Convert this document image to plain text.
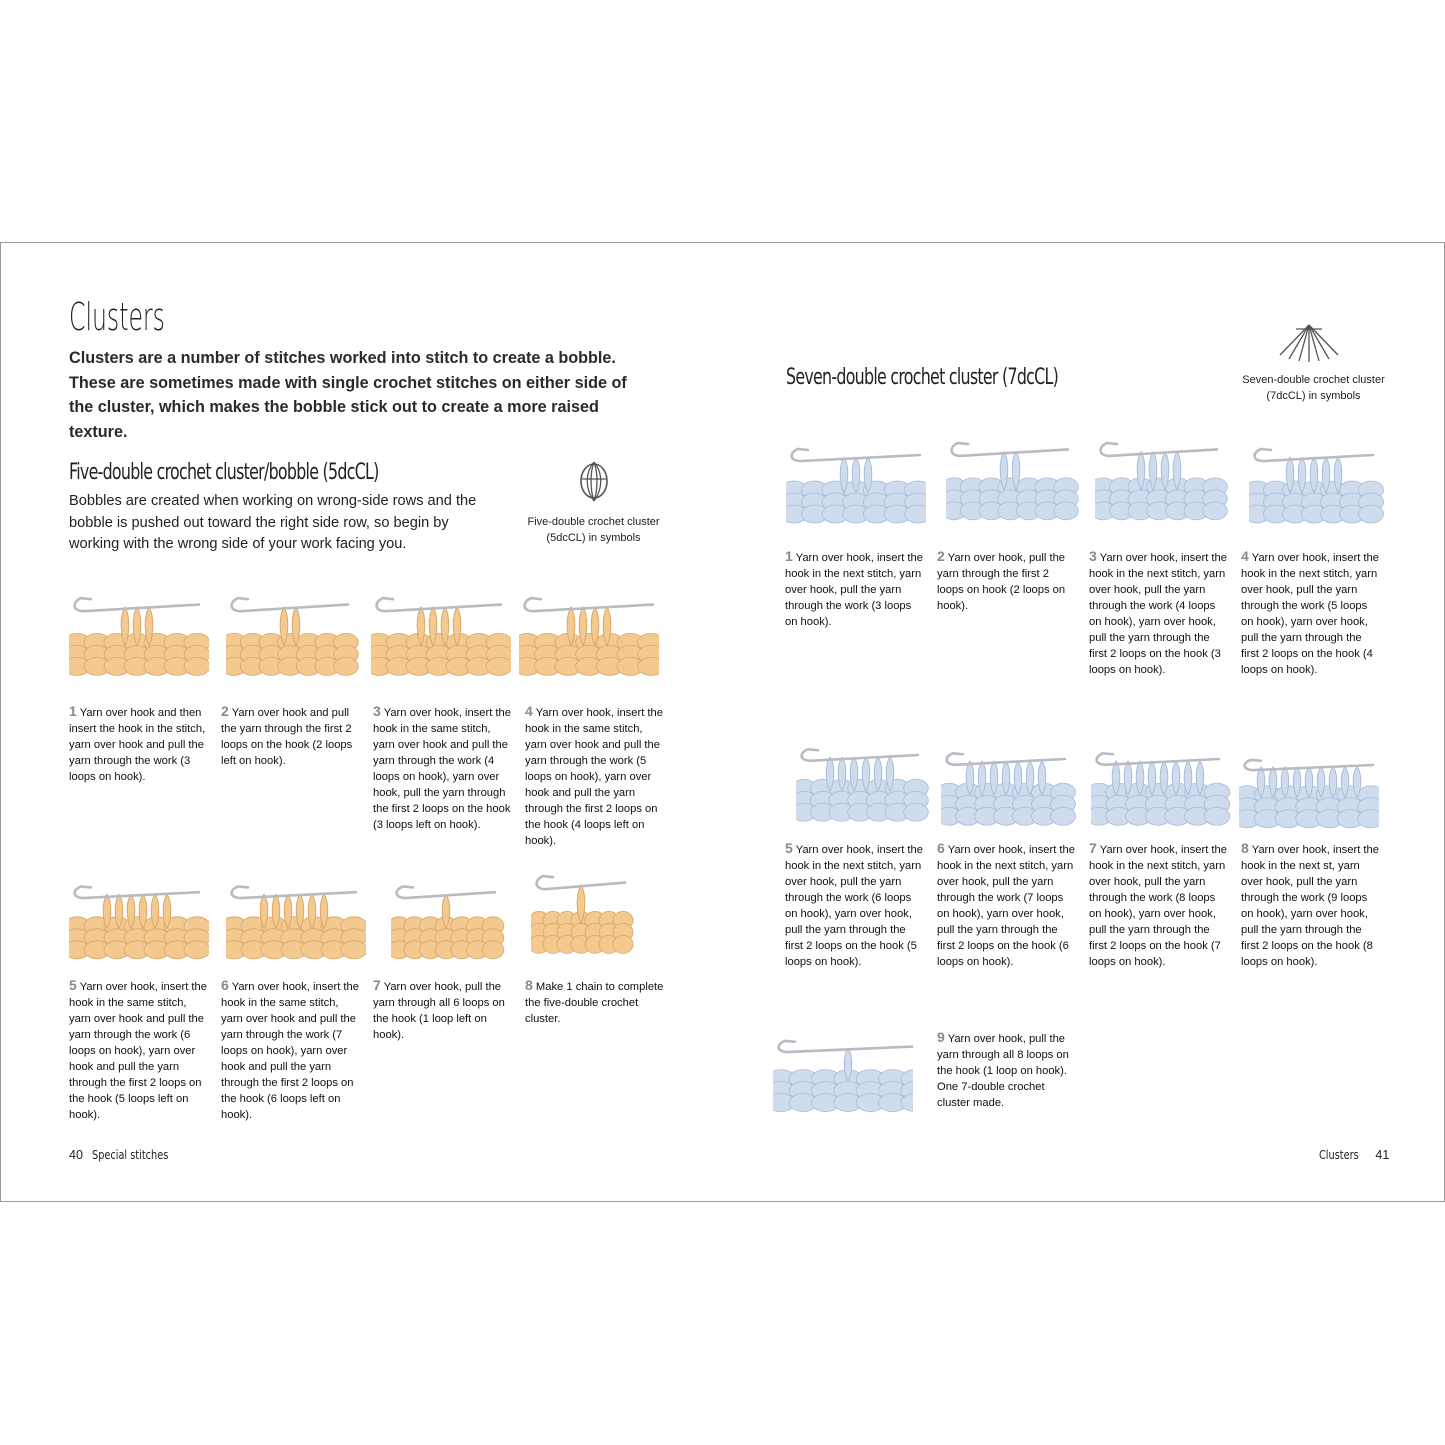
Clusters
Clusters are a number of stitches worked into stitch to create a bobble. These are sometimes made with single crochet stitches on either side of the cluster, which makes the bobble stick out to create a more raised texture.
Five-double crochet cluster/bobble (5dcCL)
Bobbles are created when working on wrong-side rows and the bobble is pushed out toward the right side row, so begin by working with the wrong side of your work facing you.
Five-double crochet cluster (5dcCL) in symbols
Seven-double crochet cluster (7dcCL)	Seven-double crochet cluster (7dcCL) in symbols
40 Special stitches	Clusters 41
1 Yarn over hook and then insert the hook in the stitch, yarn over hook and pull the yarn through the work (3 loops on hook).
2 Yarn over hook and pull the yarn through the first 2 loops on the hook (2 loops left on hook).
3 Yarn over hook, insert the hook in the same stitch, yarn over hook and pull the yarn through the work (4 loops on hook), yarn over hook, pull the yarn through the first 2 loops on the hook (3 loops left on hook).
4 Yarn over hook, insert the hook in the same stitch, yarn over hook and pull the yarn through the work (5 loops on hook), yarn over hook and pull the yarn through the first 2 loops on the hook (4 loops left on hook).
5 Yarn over hook, insert the hook in the same stitch, yarn over hook and pull the yarn through the work (6 loops on hook), yarn over hook and pull the yarn through the first 2 loops on the hook (5 loops left on hook).
6 Yarn over hook, insert the hook in the same stitch, yarn over hook and pull the yarn through the work (7 loops on hook), yarn over hook and pull the yarn through the first 2 loops on the hook (6 loops left on hook).
7 Yarn over hook, pull the yarn through all 6 loops on the hook (1 loop left on hook).
8 Make 1 chain to complete the five-double crochet cluster.
1 Yarn over hook, insert the hook in the next stitch, yarn over hook, pull the yarn through the work (3 loops on hook).
2 Yarn over hook, pull the yarn through the first 2 loops on hook (2 loops on hook).
3 Yarn over hook, insert the hook in the next stitch, yarn over hook, pull the yarn through the work (4 loops on hook), yarn over hook, pull the yarn through the first 2 loops on the hook (3 loops on hook).
4 Yarn over hook, insert the hook in the next stitch, yarn over hook, pull the yarn through the work (5 loops on hook), yarn over hook, pull the yarn through the first 2 loops on the hook (4 loops on hook).
5 Yarn over hook, insert the hook in the next stitch, yarn over hook, pull the yarn through the work (6 loops on hook), yarn over hook, pull the yarn through the first 2 loops on the hook (5 loops on hook).
6 Yarn over hook, insert the hook in the next stitch, yarn over hook, pull the yarn through the work (7 loops on hook), yarn over hook, pull the yarn through the first 2 loops on the hook (6 loops on hook).
7 Yarn over hook, insert the hook in the next stitch, yarn over hook, pull the yarn through the work (8 loops on hook), yarn over hook, pull the yarn through the first 2 loops on the hook (7 loops on hook).
8 Yarn over hook, insert the hook in the next st, yarn over hook, pull the yarn through the work (9 loops on hook), yarn over hook, pull the yarn through the first 2 loops on the hook (8 loops on hook).
9 Yarn over hook, pull the yarn through all 8 loops on the hook (1 loop on hook). One 7-double crochet cluster made.
